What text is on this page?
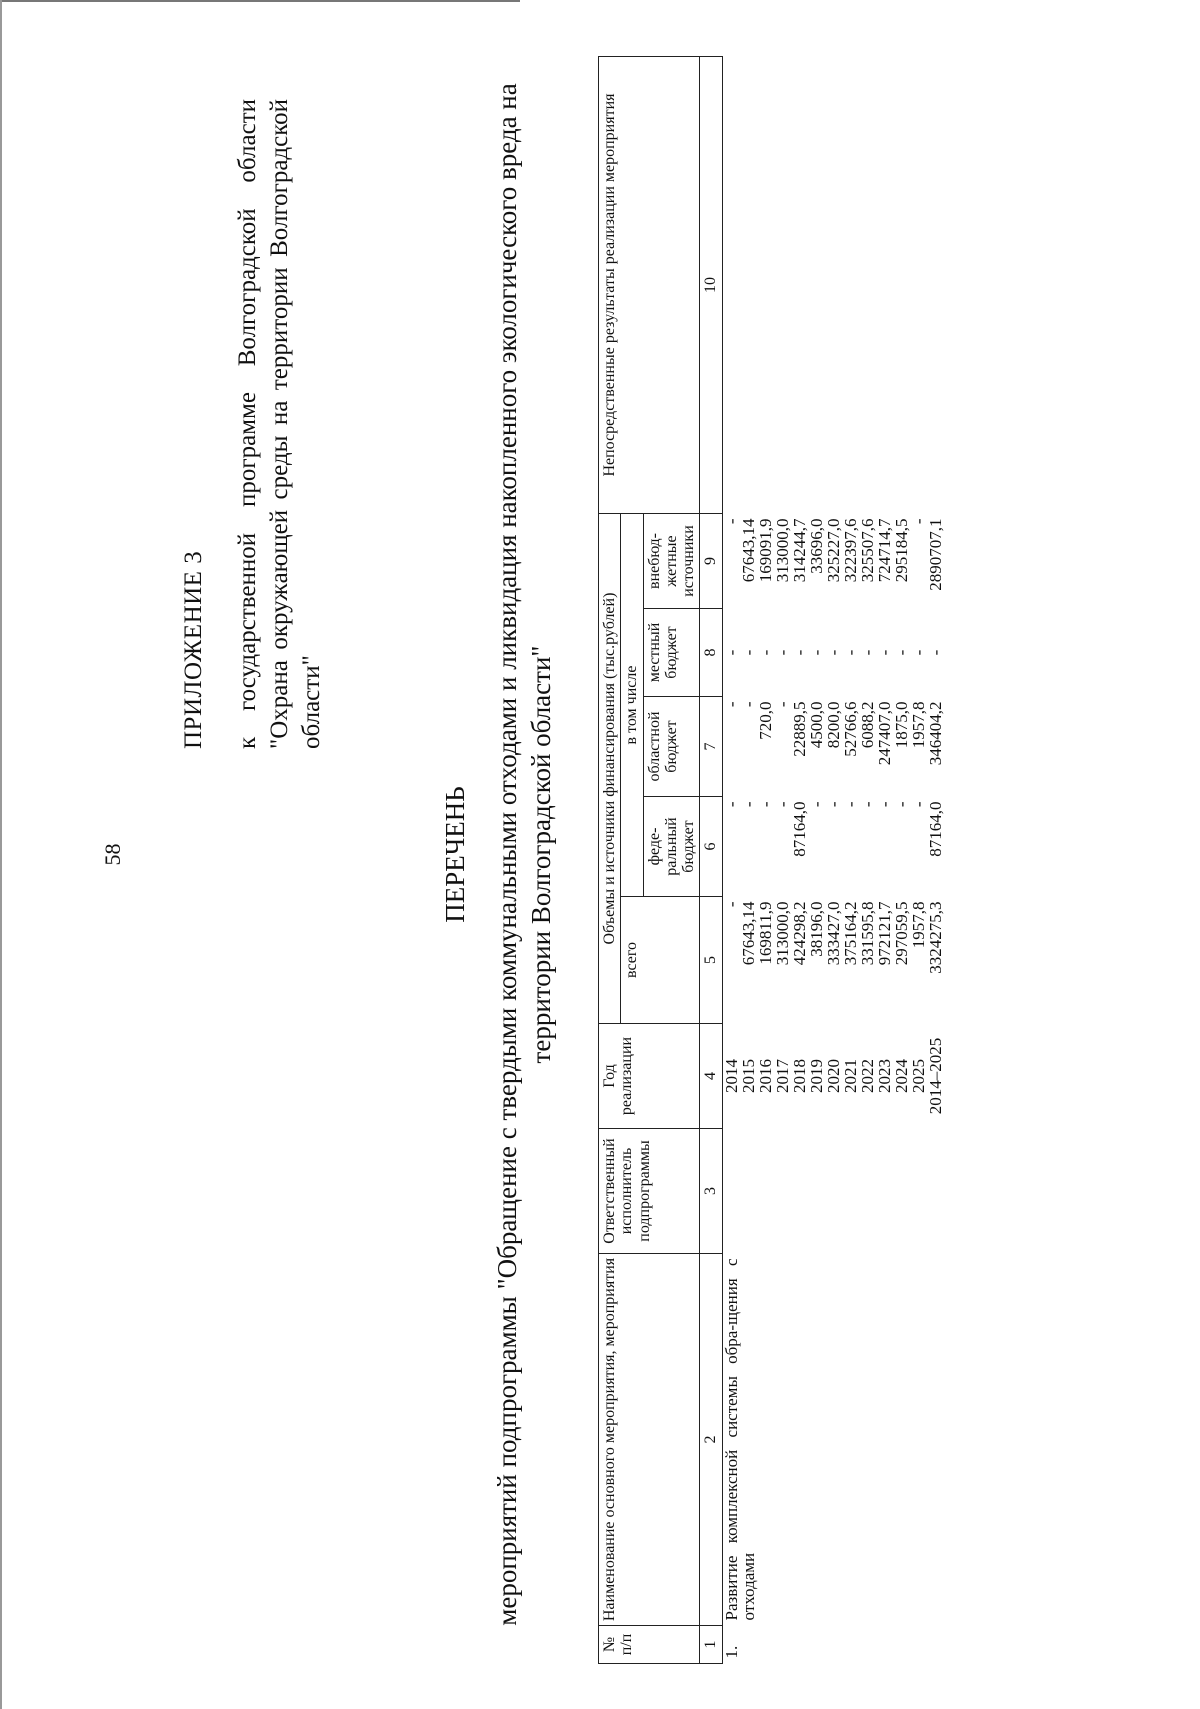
58
ПРИЛОЖЕНИЕ 3 к государственной программе Волгоградской области "Охрана окружающей среды на территории Волгоградской области"
ПЕРЕЧЕНЬ мероприятий подпрограммы "Обращение с твердыми коммунальными отходами и ликвидация накопленного экологического вреда на территории Волгоградской области"
№ п/п	Наименование основного мероприятия, мероприятия	Ответственный исполнитель подпрограммы	Год реализации	Объемы и источники финансирования (тыс.рублей)					Непосредственные результаты реализации мероприятия
				всего	в том числе				
					феде-ральный бюджет	областной бюджет	местный бюджет	внебюд-жетные источники	
1	2	3	4	5	6	7	8	9	10
1.	Развитие комплексной системы обра-щения с отходами		2014	-	-	-	-	-	
			2015	67643,14	-	-	-	67643,14	
			2016	169811,9	-	720,0	-	169091,9	
			2017	313000,0	-	-	-	313000,0	
			2018	424298,2	87164,0	22889,5	-	314244,7	
			2019	38196,0	-	4500,0	-	33696,0	
			2020	333427,0	-	8200,0	-	325227,0	
			2021	375164,2	-	52766,6	-	322397,6	
			2022	331595,8	-	6088,2	-	325507,6	
			2023	972121,7	-	247407,0	-	724714,7	
			2024	297059,5	-	1875,0	-	295184,5	
			2025	1957,8	-	1957,8	-	-	
			2014–2025	3324275,3	87164,0	346404,2	-	2890707,1	
